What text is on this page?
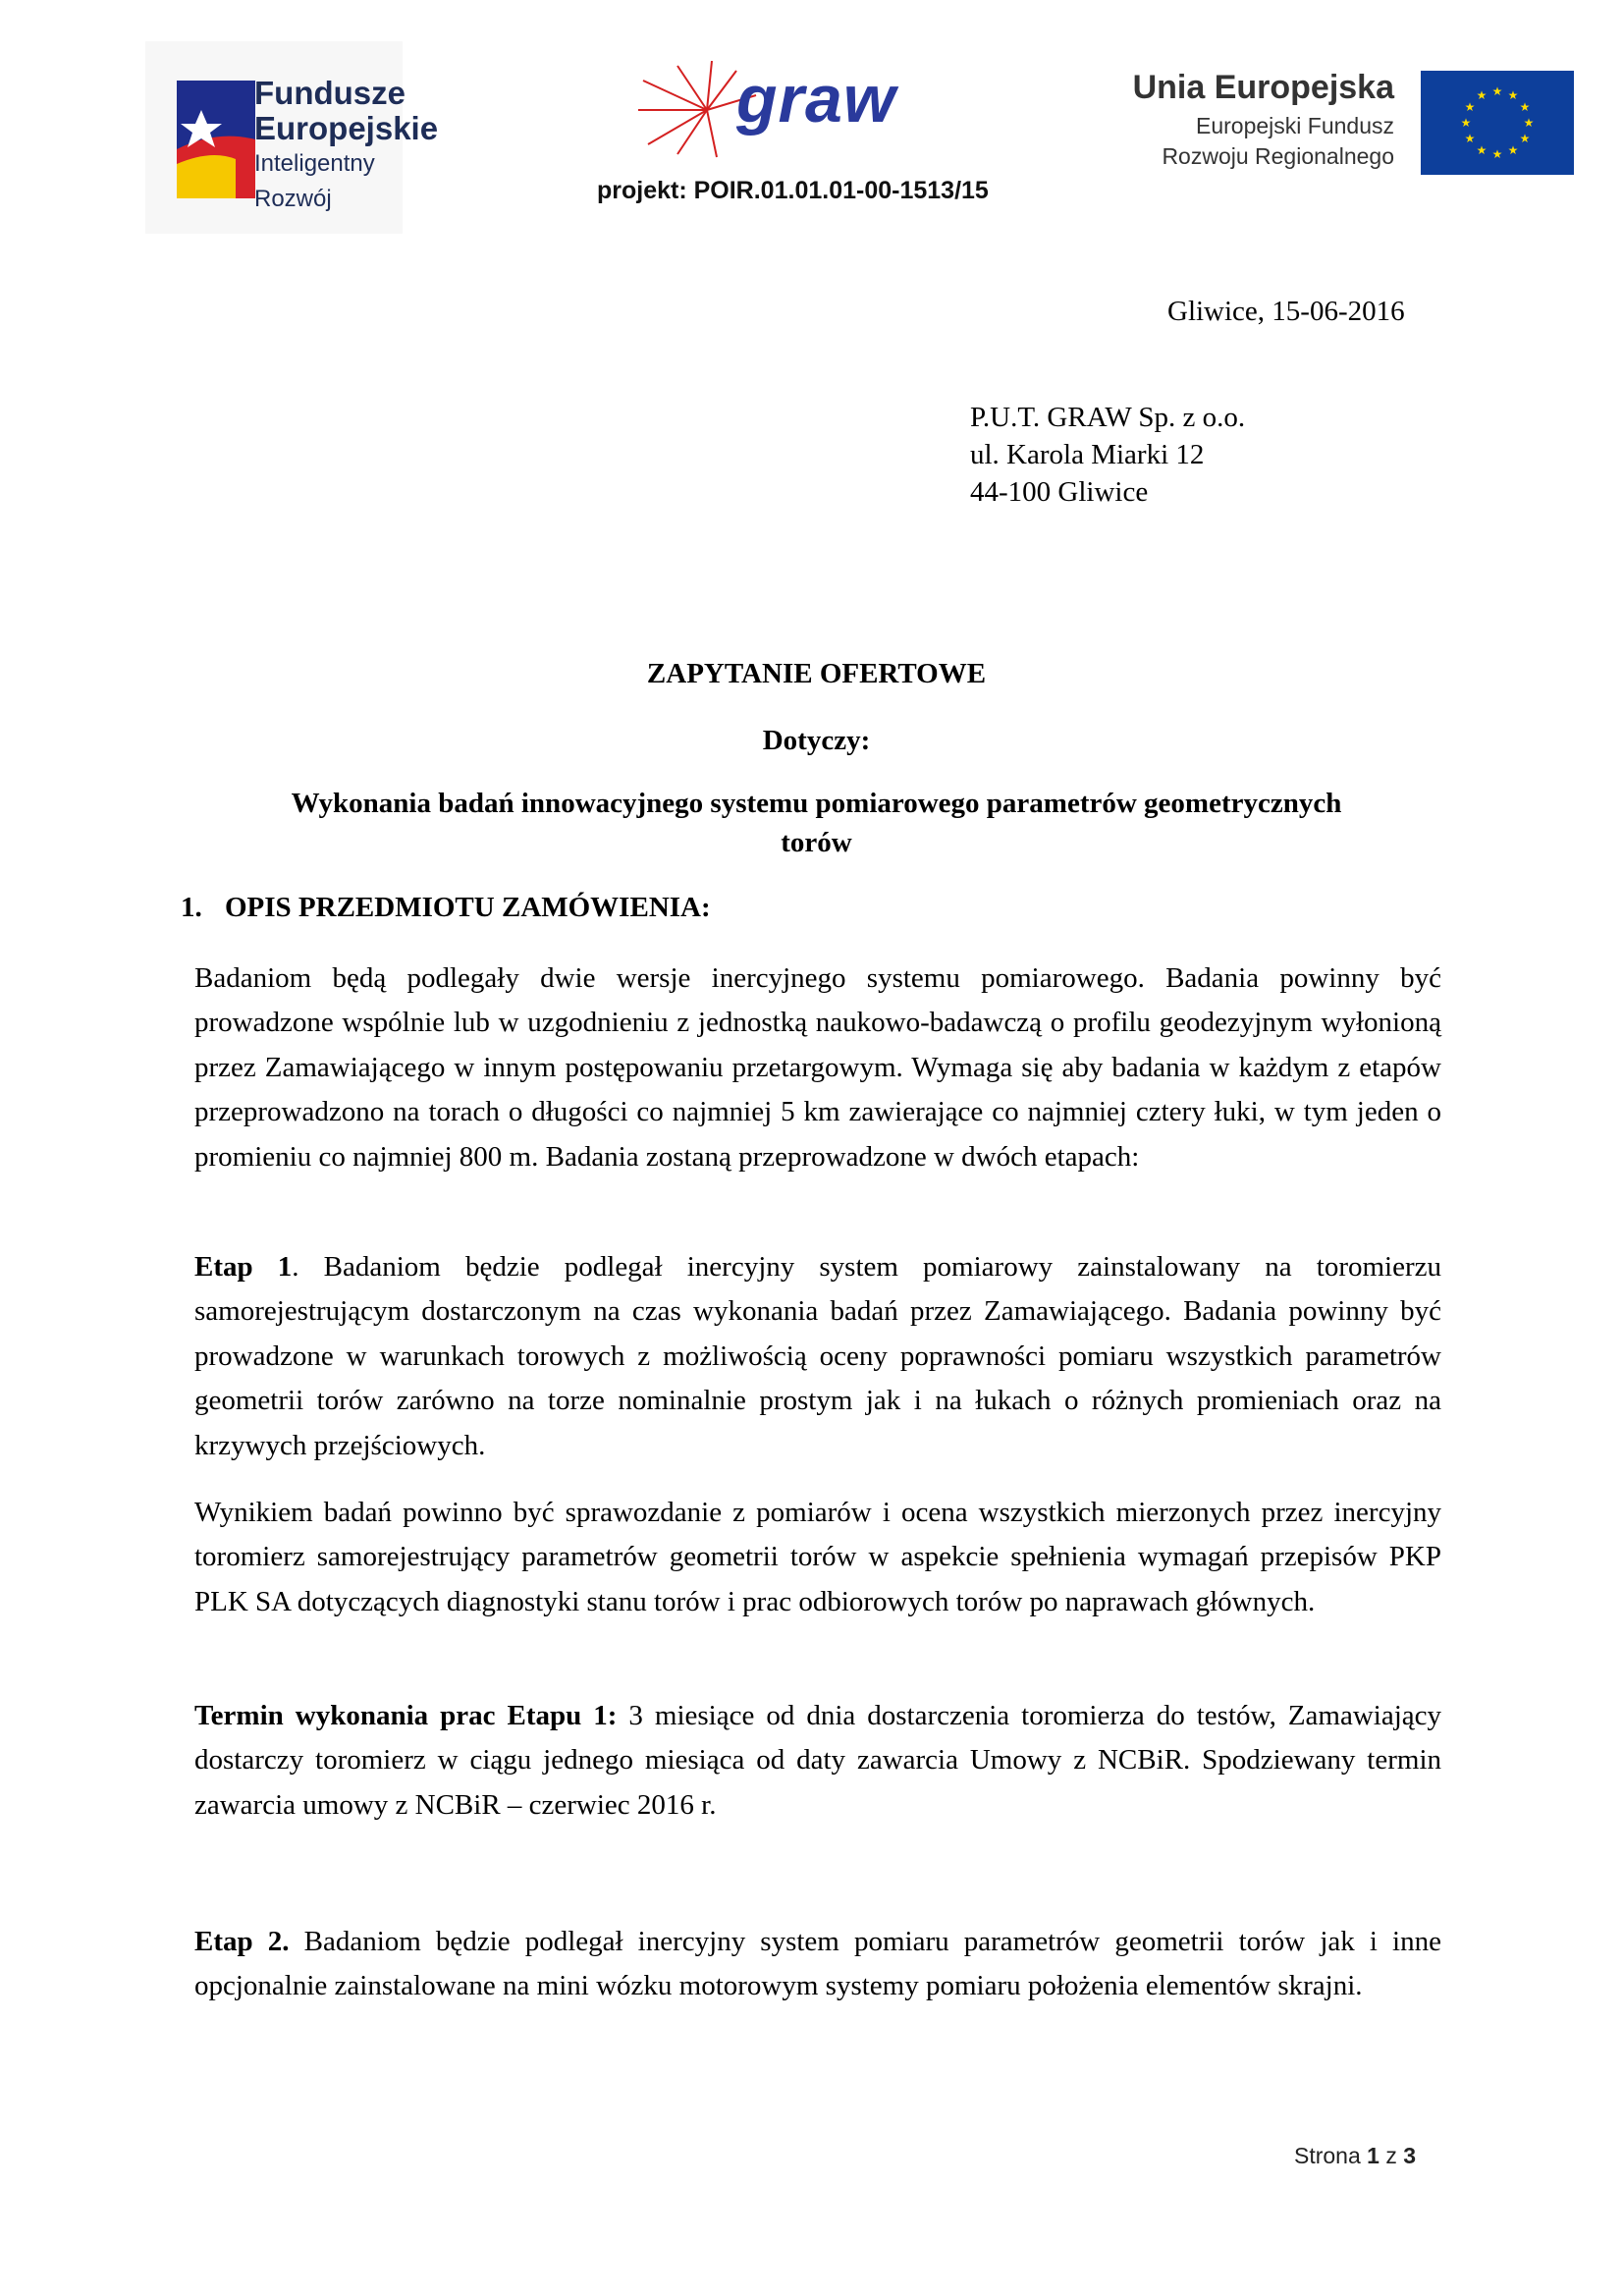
Fundusze
Europejskie
Inteligentny Rozwój
graw
projekt: POIR.01.01.01-00-1513/15
Unia Europejska
Europejski Fundusz
Rozwoju Regionalnego
★ ★
★
★
★
★
★
★
★
★
★
★
Gliwice, 15-06-2016
P.U.T. GRAW Sp. z o.o.
ul. Karola Miarki 12
44-100 Gliwice
ZAPYTANIE OFERTOWE
Dotyczy:
Wykonania badań innowacyjnego systemu pomiarowego parametrów geometrycznych
torów
1. OPIS PRZEDMIOTU ZAMÓWIENIA:
Badaniom będą podlegały dwie wersje inercyjnego systemu pomiarowego. Badania powinny być prowadzone wspólnie lub w uzgodnieniu z jednostką naukowo-badawczą o profilu geodezyjnym wyłonioną przez Zamawiającego w innym postępowaniu przetargowym. Wymaga się aby badania w każdym z etapów przeprowadzono na torach o długości co najmniej 5 km zawierające co najmniej cztery łuki, w tym jeden o promieniu co najmniej 800 m. Badania zostaną przeprowadzone w dwóch etapach:
Etap 1. Badaniom będzie podlegał inercyjny system pomiarowy zainstalowany na toromierzu samorejestrującym dostarczonym na czas wykonania badań przez Zamawiającego. Badania powinny być prowadzone w warunkach torowych z możliwością oceny poprawności pomiaru wszystkich parametrów geometrii torów zarówno na torze nominalnie prostym jak i na łukach o różnych promieniach oraz na krzywych przejściowych.
Wynikiem badań powinno być sprawozdanie z pomiarów i ocena wszystkich mierzonych przez inercyjny toromierz samorejestrujący parametrów geometrii torów w aspekcie spełnienia wymagań przepisów PKP PLK SA dotyczących diagnostyki stanu torów i prac odbiorowych torów po naprawach głównych.
Termin wykonania prac Etapu 1: 3 miesiące od dnia dostarczenia toromierza do testów, Zamawiający dostarczy toromierz w ciągu jednego miesiąca od daty zawarcia Umowy z NCBiR. Spodziewany termin zawarcia umowy z NCBiR – czerwiec 2016 r.
Etap 2. Badaniom będzie podlegał inercyjny system pomiaru parametrów geometrii torów jak i inne opcjonalnie zainstalowane na mini wózku motorowym systemy pomiaru położenia elementów skrajni.
Strona 1 z 3
